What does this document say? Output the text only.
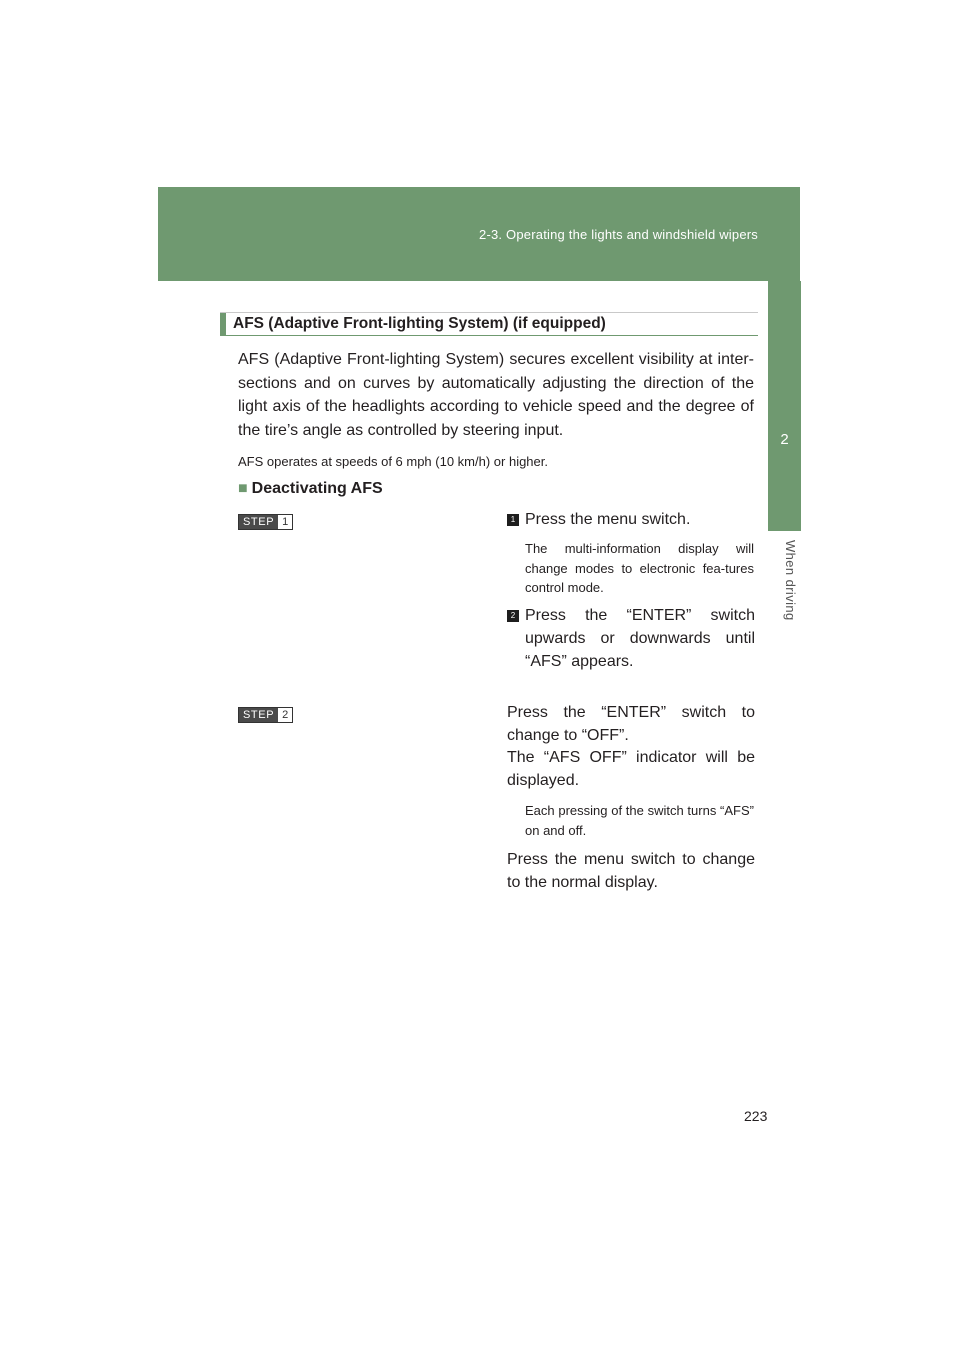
2-3. Operating the lights and windshield wipers
2
When driving
AFS (Adaptive Front-lighting System) (if equipped)

AFS (Adaptive Front-lighting System) secures excellent visibility at inter-sections and on curves by automatically adjusting the direction of the light axis of the headlights according to vehicle speed and the degree of the tire’s angle as controlled by steering input.

AFS operates at speeds of 6 mph (10 km/h) or higher.

■ Deactivating AFS
STEP 1	1 Press the menu switch.

The multi-information display will change modes to electronic fea-tures control mode.

2 Press the “ENTER” switch upwards or downwards until “AFS” appears.

STEP 2	Press the “ENTER” switch to change to “OFF”.

The “AFS OFF” indicator will be displayed.

Each pressing of the switch turns “AFS” on and off.

Press the menu switch to change to the normal display.

223
